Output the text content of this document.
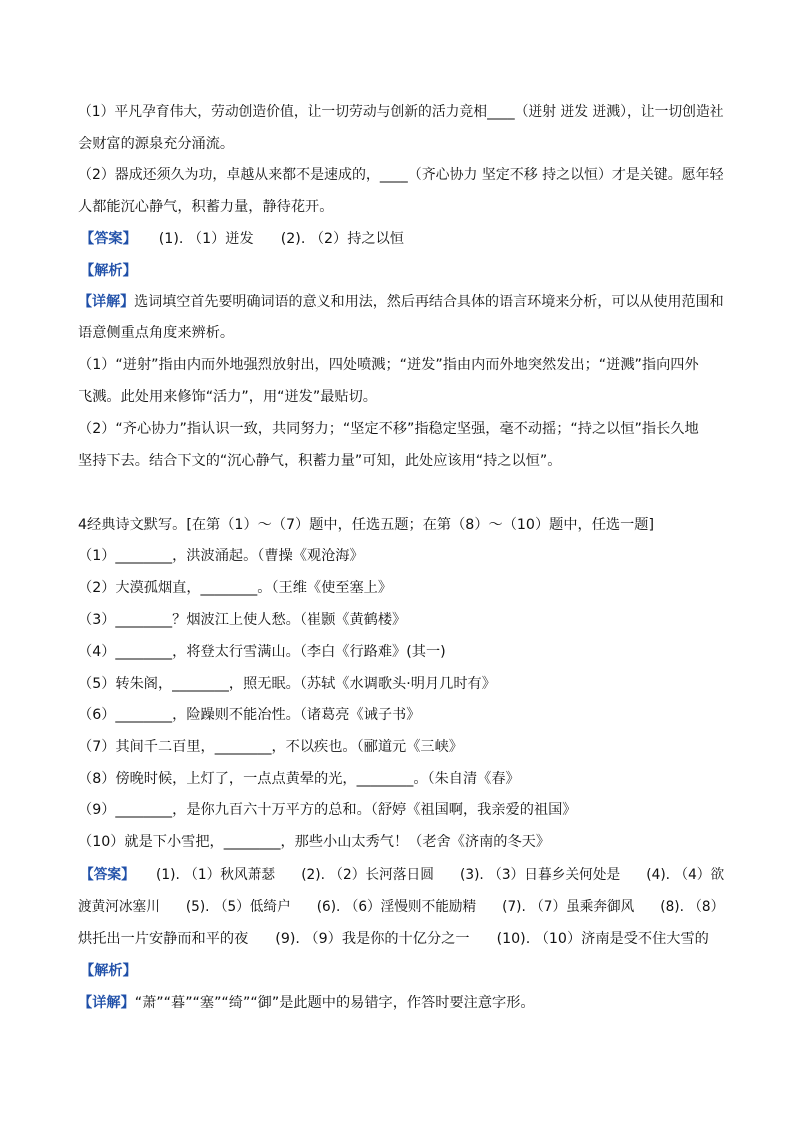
（1）平凡孕育伟大，劳动创造价值，让一切劳动与创新的活力竞相____（迸射 迸发 迸溅），让一切创造社
会财富的源泉充分涌流。
（2）器成还须久为功，卓越从来都不是速成的，____（齐心协力 坚定不移 持之以恒）才是关键。愿年轻
人都能沉心静气，积蓄力量，静待花开。
【答案】 (1). （1）迸发      (2). （2）持之以恒
【解析】
【详解】选词填空首先要明确词语的意义和用法，然后再结合具体的语言环境来分析，可以从使用范围和
语意侧重点角度来辨析。
（1）“迸射”指由内而外地强烈放射出，四处喷溅；“迸发”指由内而外地突然发出；“迸溅”指向四外
飞溅。此处用来修饰“活力”，用“迸发”最贴切。
（2）“齐心协力”指认识一致，共同努力；“坚定不移”指稳定坚强，毫不动摇；“持之以恒”指长久地
坚持下去。结合下文的“沉心静气，积蓄力量”可知，此处应该用“持之以恒”。
4经典诗文默写。[在第（1）～（7）题中，任选五题；在第（8）～（10）题中，任选一题]
（1）________，洪波涌起。（曹操《观沧海》
（2）大漠孤烟直，________。（王维《使至塞上》
（3）________？烟波江上使人愁。（崔颢《黄鹤楼》
（4）________，将登太行雪满山。（李白《行路难》(其一)
（5）转朱阁，________，照无眠。（苏轼《水调歌头·明月几时有》
（6）________，险躁则不能冶性。（诸葛亮《诫子书》
（7）其间千二百里，________，不以疾也。（郦道元《三峡》
（8）傍晚时候，上灯了，一点点黄晕的光，________。（朱自清《春》
（9）________，是你九百六十万平方的总和。（舒婷《祖国啊，我亲爱的祖国》
（10）就是下小雪把，________，那些小山太秀气！（老舍《济南的冬天》
【答案】 (1). （1）秋风萧瑟      (2). （2）长河落日圆      (3). （3）日暮乡关何处是      (4). （4）欲
渡黄河冰塞川      (5). （5）低绮户      (6). （6）淫慢则不能励精      (7). （7）虽乘奔御风      (8). （8）
烘托出一片安静而和平的夜      (9). （9）我是你的十亿分之一      (10). （10）济南是受不住大雪的
【解析】
【详解】“萧”“暮”“塞”“绮”“御”是此题中的易错字，作答时要注意字形。
